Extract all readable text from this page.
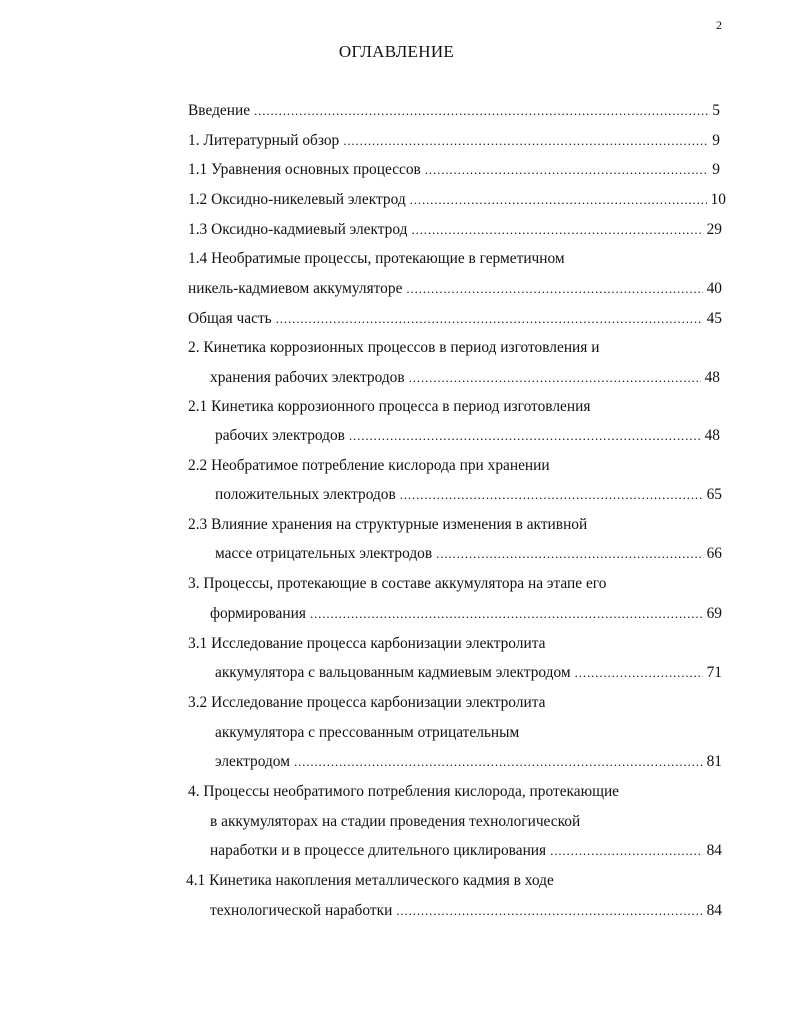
2
ОГЛАВЛЕНИЕ
Введение . . .	5
1. Литературный обзор . . .	9
1.1 Уравнения основных процессов . . .	9
1.2 Оксидно-никелевый электрод . . .	10
1.3 Оксидно-кадмиевый электрод . . .	29
1.4 Необратимые процессы, протекающие в герметичном
никель-кадмиевом аккумуляторе . . .	40
Общая часть . . .	45
2. Кинетика коррозионных процессов в период изготовления и
хранения рабочих электродов . . .	48
2.1 Кинетика коррозионного процесса в период изготовления
рабочих электродов . . .	48
2.2 Необратимое потребление кислорода при хранении
положительных электродов . . .	65
2.3 Влияние хранения на структурные изменения в активной
массе отрицательных электродов . . .	66
3. Процессы, протекающие в составе аккумулятора на этапе его
формирования . . .	69
3.1 Исследование процесса карбонизации электролита
аккумулятора с вальцованным кадмиевым электродом . . .	71
3.2 Исследование процесса карбонизации электролита
аккумулятора с прессованным отрицательным
электродом . . .	81
4. Процессы необратимого потребления кислорода, протекающие
в аккумуляторах на стадии проведения технологической
наработки и в процессе длительного циклирования . . .	84
4.1 Кинетика накопления металлического кадмия в ходе
технологической наработки . . .	84
